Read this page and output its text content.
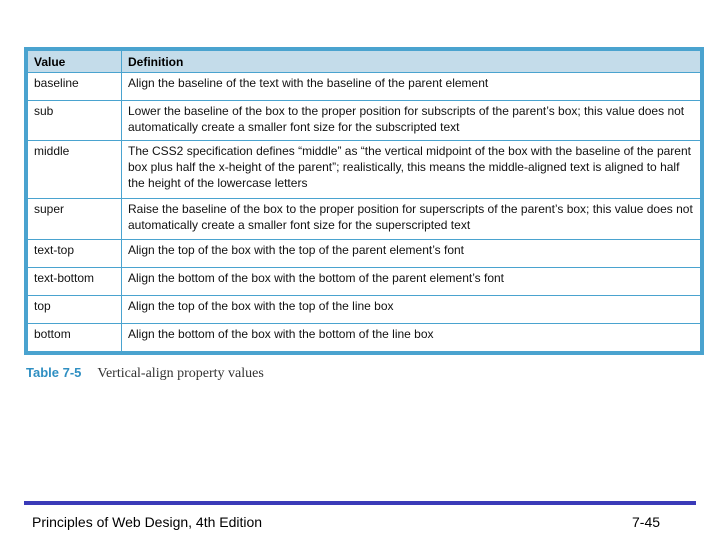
Value	Definition
baseline	Align the baseline of the text with the baseline of the parent element
sub	Lower the baseline of the box to the proper position for subscripts of the parent’s box; this value does not automatically create a smaller font size for the subscripted text
middle	The CSS2 specification defines “middle” as “the vertical midpoint of the box with the baseline of the parent box plus half the x-height of the parent”; realistically, this means the middle-aligned text is aligned to half the height of the lowercase letters
super	Raise the baseline of the box to the proper position for superscripts of the parent’s box; this value does not automatically create a smaller font size for the superscripted text
text-top	Align the top of the box with the top of the parent element’s font
text-bottom	Align the bottom of the box with the bottom of the parent element’s font
top	Align the top of the box with the top of the line box
bottom	Align the bottom of the box with the bottom of the line box
Table 7-5 Vertical-align property values
Principles of Web Design, 4th Edition	7-45
